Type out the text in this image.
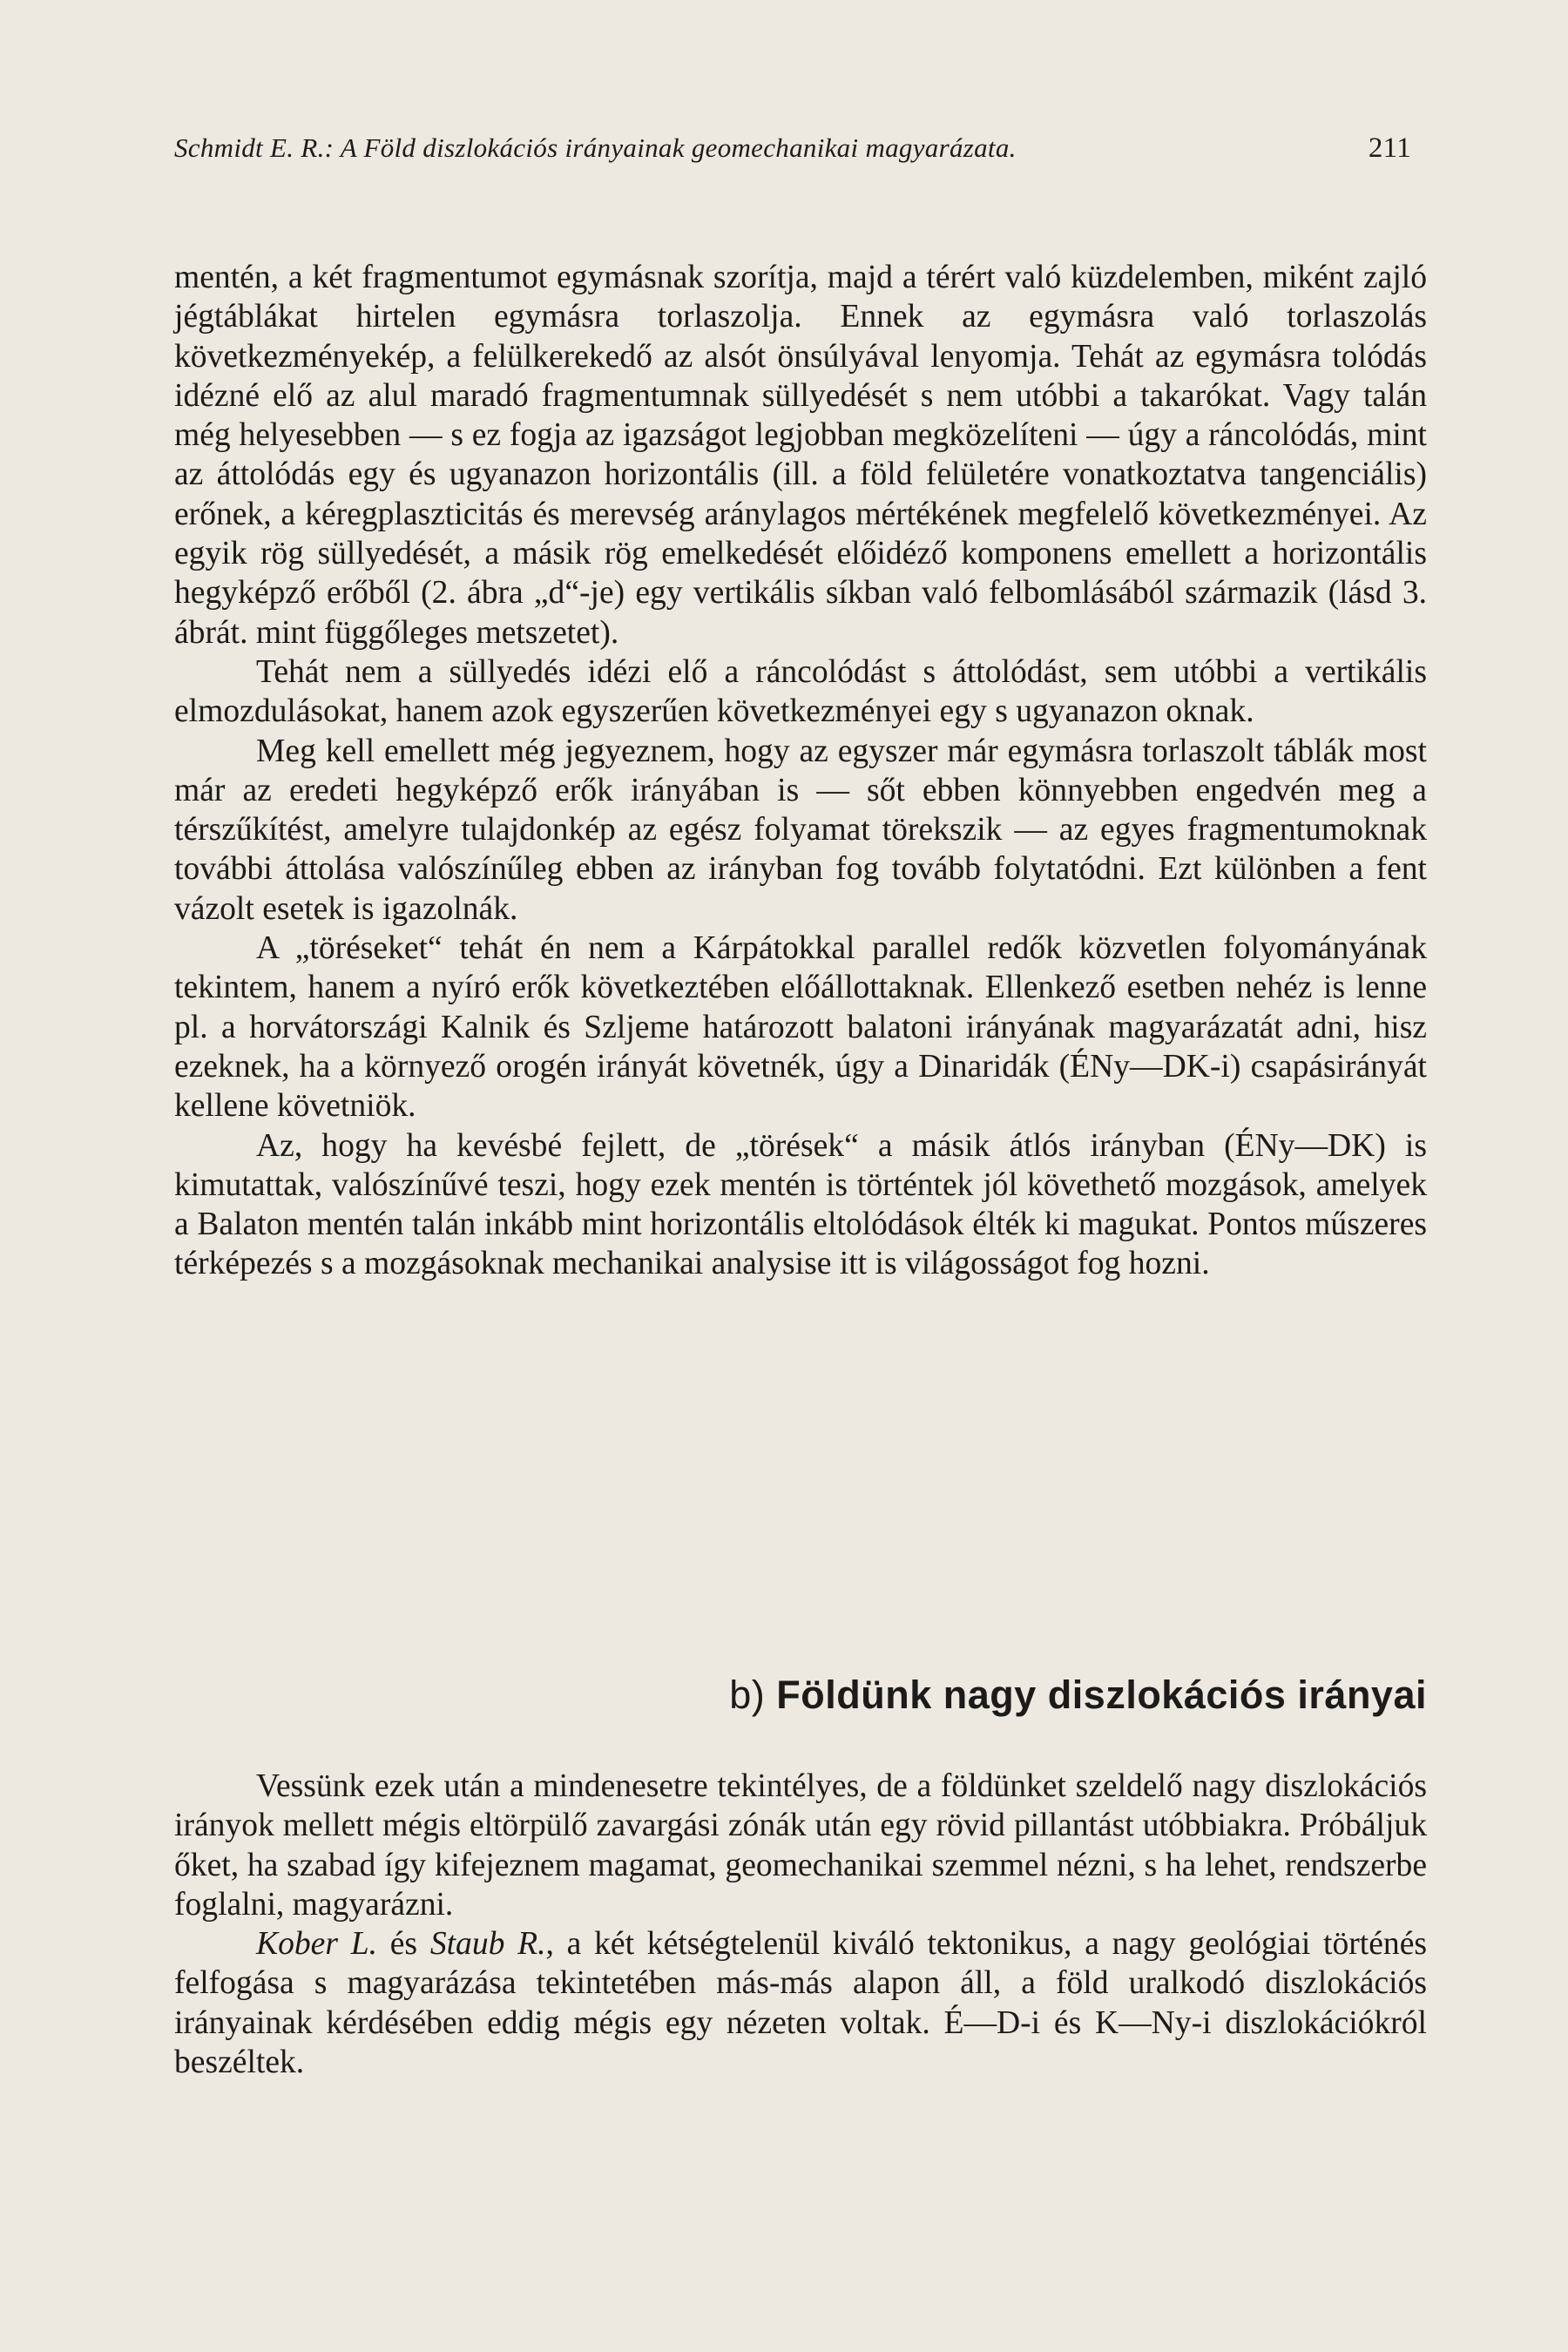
Schmidt E. R.: A Föld diszlokációs irányainak geomechanikai magyarázata.	211

mentén, a két fragmentumot egymásnak szorítja, majd a térért való küzdelemben, miként zajló jégtáblákat hirtelen egymásra torlaszolja. Ennek az egymásra való torlaszolás következményekép, a felülkerekedő az alsót önsúlyával lenyomja. Tehát az egymásra tolódás idézné elő az alul maradó fragmentumnak süllyedését s nem utóbbi a takarókat. Vagy talán még helyesebben — s ez fogja az igazságot legjobban megközelíteni — úgy a ráncolódás, mint az áttolódás egy és ugyanazon horizontális (ill. a föld felületére vonatkoztatva tangenciális) erőnek, a kéregplaszticitás és merevség aránylagos mértékének megfelelő következményei. Az egyik rög süllyedését, a másik rög emelkedését előidéző komponens emellett a horizontális hegyképző erőből (2. ábra „d“-je) egy vertikális síkban való felbomlásából származik (lásd 3. ábrát. mint függőleges metszetet).

Tehát nem a süllyedés idézi elő a ráncolódást s áttolódást, sem utóbbi a vertikális elmozdulásokat, hanem azok egyszerűen következményei egy s ugyanazon oknak.

Meg kell emellett még jegyeznem, hogy az egyszer már egymásra torlaszolt táblák most már az eredeti hegyképző erők irányában is — sőt ebben könnyebben engedvén meg a térszűkítést, amelyre tulajdonkép az egész folyamat törekszik — az egyes fragmentumoknak további áttolása valószínűleg ebben az irányban fog tovább folytatódni. Ezt különben a fent vázolt esetek is igazolnák.

A „töréseket“ tehát én nem a Kárpátokkal parallel redők közvetlen folyományának tekintem, hanem a nyíró erők következtében előállottaknak. Ellenkező esetben nehéz is lenne pl. a horvátországi Kalnik és Szljeme határozott balatoni irányának magyarázatát adni, hisz ezeknek, ha a környező orogén irányát követnék, úgy a Dinaridák (ÉNy—DK-i) csapásirányát kellene követniök.

Az, hogy ha kevésbé fejlett, de „törések“ a másik átlós irányban (ÉNy—DK) is kimutattak, valószínűvé teszi, hogy ezek mentén is történtek jól követhető mozgások, amelyek a Balaton mentén talán inkább mint horizontális eltolódások élték ki magukat. Pontos műszeres térképezés s a mozgásoknak mechanikai analysise itt is világosságot fog hozni.

b) Földünk nagy diszlokációs irányai

Vessünk ezek után a mindenesetre tekintélyes, de a földünket szeldelő nagy diszlokációs irányok mellett mégis eltörpülő zavargási zónák után egy rövid pillantást utóbbiakra. Próbáljuk őket, ha szabad így kifejeznem magamat, geomechanikai szemmel nézni, s ha lehet, rendszerbe foglalni, magyarázni.

Kober L. és Staub R., a két kétségtelenül kiváló tektonikus, a nagy geológiai történés felfogása s magyarázása tekintetében más-más alapon áll, a föld uralkodó diszlokációs irányainak kérdésében eddig mégis egy nézeten voltak. É—D-i és K—Ny-i diszlokációkról beszéltek.
